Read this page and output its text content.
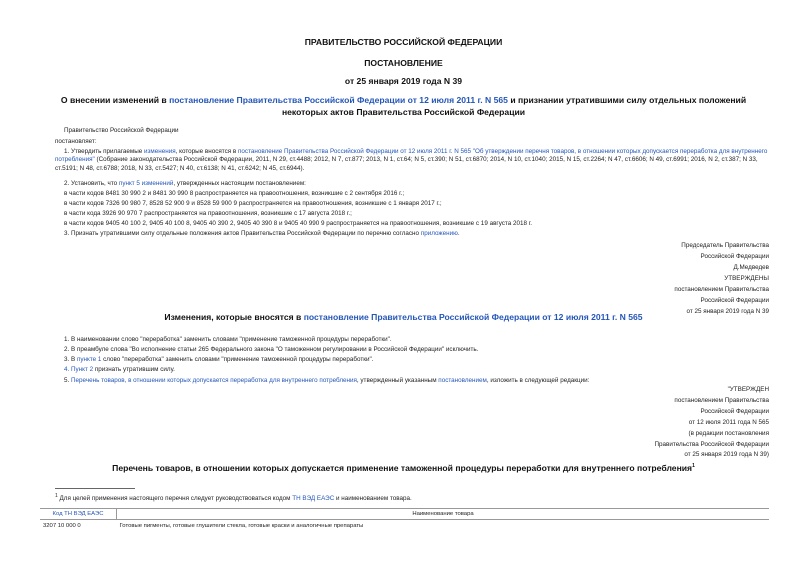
ПРАВИТЕЛЬСТВО РОССИЙСКОЙ ФЕДЕРАЦИИ
ПОСТАНОВЛЕНИЕ
от 25 января 2019 года N 39
О внесении изменений в постановление Правительства Российской Федерации от 12 июля 2011 г. N 565 и признании утратившими силу отдельных положений
некоторых актов Правительства Российской Федерации
Правительство Российской Федерации
постановляет:
1. Утвердить прилагаемые изменения, которые вносятся в постановление Правительства Российской Федерации от 12 июля 2011 г. N 565 "Об утверждении перечня товаров, в отношении которых допускается переработка для внутреннего потребления" (Собрание законодательства Российской Федерации, 2011, N 29, ст.4488; 2012, N 7, ст.877; 2013, N 1, ст.64; N 5, ст.390; N 51, ст.6870; 2014, N 10, ст.1040; 2015, N 15, ст.2264; N 47, ст.6606; N 49, ст.6991; 2016, N 2, ст.387; N 33, ст.5191; N 48, ст.6788; 2018, N 33, ст.5427; N 40, ст.6138; N 41, ст.6242; N 45, ст.6944).
2. Установить, что пункт 5 изменений, утвержденных настоящим постановлением:
в части кодов 8481 30 990 2 и 8481 30 990 8 распространяется на правоотношения, возникшие с 2 сентября 2016 г.;
в части кодов 7326 90 980 7, 8528 52 900 9 и 8528 59 900 9 распространяется на правоотношения, возникшие с 1 января 2017 г.;
в части кода 3926 90 970 7 распространяется на правоотношения, возникшие с 17 августа 2018 г.;
в части кодов 9405 40 100 2, 9405 40 100 8, 9405 40 390 2, 9405 40 390 8 и 9405 40 990 9 распространяется на правоотношения, возникшие с 19 августа 2018 г.
3. Признать утратившими силу отдельные положения актов Правительства Российской Федерации по перечню согласно приложению.
Председатель Правительства
Российской Федерации
Д.Медведев
УТВЕРЖДЕНЫ
постановлением Правительства
Российской Федерации
от 25 января 2019 года N 39
Изменения, которые вносятся в постановление Правительства Российской Федерации от 12 июля 2011 г. N 565
1. В наименовании слово "переработка" заменить словами "применение таможенной процедуры переработки".
2. В преамбуле слова "Во исполнение статьи 265 Федерального закона "О таможенном регулировании в Российской Федерации" исключить.
3. В пункте 1 слово "переработка" заменить словами "применение таможенной процедуры переработки".
4. Пункт 2 признать утратившим силу.
5. Перечень товаров, в отношении которых допускается переработка для внутреннего потребления, утвержденный указанным постановлением, изложить в следующей редакции:
"УТВЕРЖДЕН
постановлением Правительства
Российской Федерации
от 12 июля 2011 года N 565
(в редакции постановления
Правительства Российской Федерации
от 25 января 2019 года N 39)
Перечень товаров, в отношении которых допускается применение таможенной процедуры переработки для внутреннего потребления$^1$
$^1$ Для целей применения настоящего перечня следует руководствоваться кодом ТН ВЭД ЕАЭС и наименованием товара.
Код ТН ВЭД ЕАЭС	Наименование товара
3207 10 000 0	Готовые пигменты, готовые глушители стекла, готовые краски и аналогичные препараты
